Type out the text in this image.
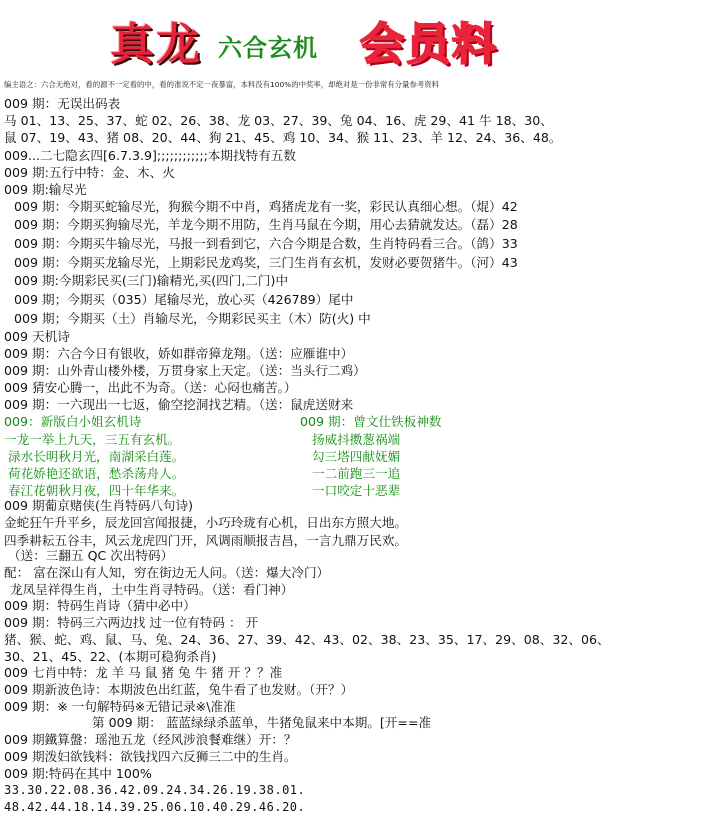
真龙 六合玄机 会员料
编主语之：六合无绝对，看的源不一定看的中，看的准说不定一夜暴富，本料没有100%的中奖率，却绝对是一份非常有分量参考资料
009 期：无误出码表
马 01、13、25、37、蛇 02、26、38、龙 03、27、39、兔 04、16、虎 29、41 牛 18、30、
鼠 07、19、43、猪 08、20、44、狗 21、45、鸡 10、34、猴 11、23、羊 12、24、36、48。
009...二七隐玄四[6.7.3.9];;;;;;;;;;;;本期找特有五数
009 期:五行中特：金、木、火
009 期:输尽光
009 期：今期买蛇输尽光，狗猴今期不中肖，鸡猪虎龙有一奖，彩民认真细心想。（焜）42
009 期：今期买狗输尽光，羊龙今期不用防，生肖马鼠在今期，用心去猜就发达。（磊）28
009 期：今期买牛输尽光，马报一到看到它，六合今期是合数，生肖特码看三合。（鸽）33
009 期：今期买龙输尽光，上期彩民龙鸡奖，三门生肖有玄机，发财必要贺猪牛。（河）43
009 期:今期彩民买(三门)输精光,买(四门,二门)中
009 期；今期买（035）尾输尽光，放心买（426789）尾中
009 期；今期买（土）肖输尽光，今期彩民买主（木）防(火) 中
009 天机诗
009 期：六合今日有银收，娇如群帝獐龙翔。（送：应雁谁中）
009 期：山外青山楼外楼，万贯身家上天定。（送：当头行二鸡）
009 猜安心腾一，出此不为奇。（送：心闷也痛苦。）
009 期：一六现出一七返，偷空挖洞找艺精。（送：鼠虎送财来
009：新版白小姐玄机诗
一龙一举上九天，三五有玄机。
渌水长明秋月光，南湖采白莲。
荷花娇艳还欲语，愁杀荡舟人。
春江花朝秋月夜，四十年华来。
009 期：曾文仕铁板神数
扬威抖擞葱祸端
勾三塔四献妩媚
一二前跑三一追
一口咬定十恶辈
009 期葡京赌侠(生肖特码八句诗)
金蛇狂午升平乡，辰龙回宫闻报捷，小巧玲珑有心机，日出东方照大地。
四季耕耘五谷丰，风云龙虎四门开，风调雨顺报吉昌，一言九鼎万民欢。
（送：三翻五 QC 次出特码）
配： 富在深山有人知，穷在街边无人问。（送：爆大冷门）
龙凤呈祥得生肖，土中生肖寻特码。（送：看门神）
009 期：特码生肖诗（猜中必中）
009 期：特码三六两边找 过一位有特码 ： 开
猪、猴、蛇、鸡、鼠、马、兔、24、36、27、39、42、43、02、38、23、35、17、29、08、32、06、
30、21、45、22、(本期可稳狗杀肖)
009 七肖中特：龙 羊 马 鼠 猪 兔 牛 猪 开 ？？准
009 期新波色诗：本期波色出红蓝，兔牛看了也发财。（开？）
009 期：※ 一句解特码※无错记录※\准准
第 009 期： 蓝蓝绿绿杀蓝单，牛猪兔鼠来中本期。[开==准
009 期鐵算盤：瑶池五龙（经风涉浪餐难继）开：？
009 期泼妇欲钱料：欲钱找四六反狮三二中的生肖。
009 期:特码在其中 100%
33.30.22.08.36.42.09.24.34.26.19.38.01.
48.42.44.18.14.39.25.06.10.40.29.46.20.
